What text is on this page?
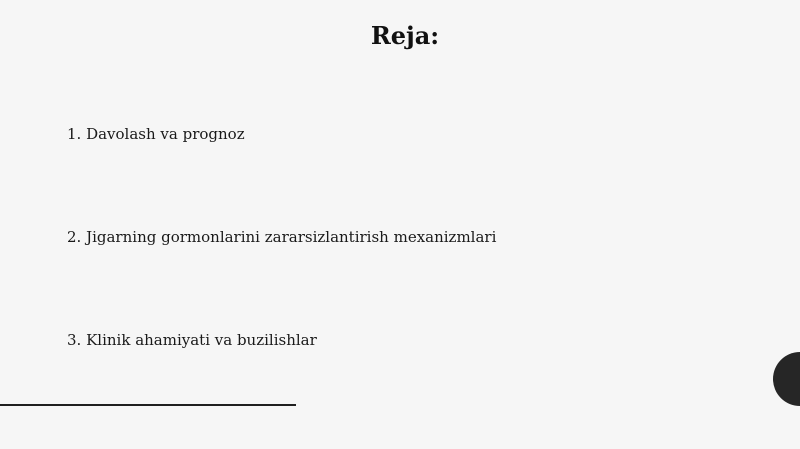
Reja:
1. Davolash va prognoz
2. Jigarning gormonlarini zararsizlantirish mexanizmlari
3. Klinik ahamiyati va buzilishlar
